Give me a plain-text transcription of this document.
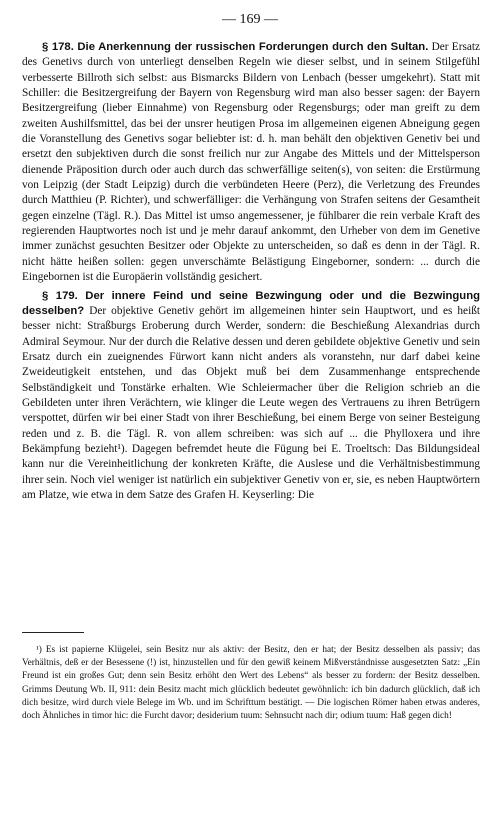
— 169 —

§ 178. Die Anerkennung der russischen Forderungen durch den Sultan. Der Ersatz des Genetivs durch von unterliegt denselben Regeln wie dieser selbst, und in seinem Stilgefühl verbesserte Billroth sich selbst: aus Bismarcks Bildern von Lenbach (besser umgekehrt). Statt mit Schiller: die Besitzergreifung der Bayern von Regensburg wird man also besser sagen: der Bayern Besitzergreifung (lieber Einnahme) von Regensburg oder Regensburgs; oder man greift zu dem zweiten Aushilfsmittel, das bei der unsrer heutigen Prosa im allgemeinen eigenen Abneigung gegen die Voranstellung des Genetivs sogar beliebter ist: d. h. man behält den objektiven Genetiv bei und ersetzt den subjektiven durch die sonst freilich nur zur Angabe des Mittels und der Mittelsperson dienende Präposition durch oder auch durch das schwerfällige seiten(s), von seiten: die Erstürmung von Leipzig (der Stadt Leipzig) durch die verbündeten Heere (Perz), die Verletzung des Freundes durch Matthieu (P. Richter), und schwerfälliger: die Verhängung von Strafen seitens der Gesamtheit gegen einzelne (Tägl. R.). Das Mittel ist umso angemessener, je fühlbarer die rein verbale Kraft des regierenden Hauptwortes noch ist und je mehr darauf ankommt, den Urheber von dem im Genetive immer zunächst gesuchten Besitzer oder Objekte zu unterscheiden, so daß es denn in der Tägl. R. nicht hätte heißen sollen: gegen unverschämte Belästigung Eingeborner, sondern: ... durch die Eingebornen ist die Europäerin vollständig gesichert.

§ 179. Der innere Feind und seine Bezwingung oder und die Bezwingung desselben? Der objektive Genetiv gehört im allgemeinen hinter sein Hauptwort, und es heißt besser nicht: Straßburgs Eroberung durch Werder, sondern: die Beschießung Alexandrias durch Admiral Seymour. Nur der durch die Relative dessen und deren gebildete objektive Genetiv und sein Ersatz durch ein zueignendes Fürwort kann nicht anders als voranstehn, nur darf dabei keine Zweideutigkeit entstehen, und das Objekt muß bei dem Zusammenhange entsprechende Selbständigkeit und Tonstärke erhalten. Wie Schleiermacher über die Religion schrieb an die Gebildeten unter ihren Verächtern, wie klinger die Leute wegen des Vertrauens zu ihren Betrügern verspottet, dürfen wir bei einer Stadt von ihrer Beschießung, bei einem Berge von seiner Besteigung reden und z. B. die Tägl. R. von allem schreiben: was sich auf ... die Phylloxera und ihre Bekämpfung bezieht¹). Dagegen befremdet heute die Fügung bei E. Troeltsch: Das Bildungsideal kann nur die Vereinheitlichung der konkreten Kräfte, die Auslese und die Verhältnisbestimmung ihrer sein. Noch viel weniger ist natürlich ein subjektiver Genetiv von er, sie, es neben Hauptwörtern am Platze, wie etwa in dem Satze des Grafen H. Keyserling: Die

¹) Es ist papierne Klügelei, sein Besitz nur als aktiv: der Besitz, den er hat; der Besitz desselben als passiv; das Verhältnis, deß er der Besessene (!) ist, hinzustellen und für den gewiß keinem Mißverständnisse ausgesetzten Satz: „Ein Freund ist ein großes Gut; denn sein Besitz erhöht den Wert des Lebens“ als besser zu fordern: der Besitz desselben. Grimms Deutung Wb. II, 911: dein Besitz macht mich glücklich bedeutet gewöhnlich: ich bin dadurch glücklich, daß ich dich besitze, wird durch viele Belege im Wb. und im Schrifttum bestätigt. — Die logischen Römer haben etwas anderes, doch Ähnliches in timor hic: die Furcht davor; desiderium tuum: Sehnsucht nach dir; odium tuum: Haß gegen dich!
